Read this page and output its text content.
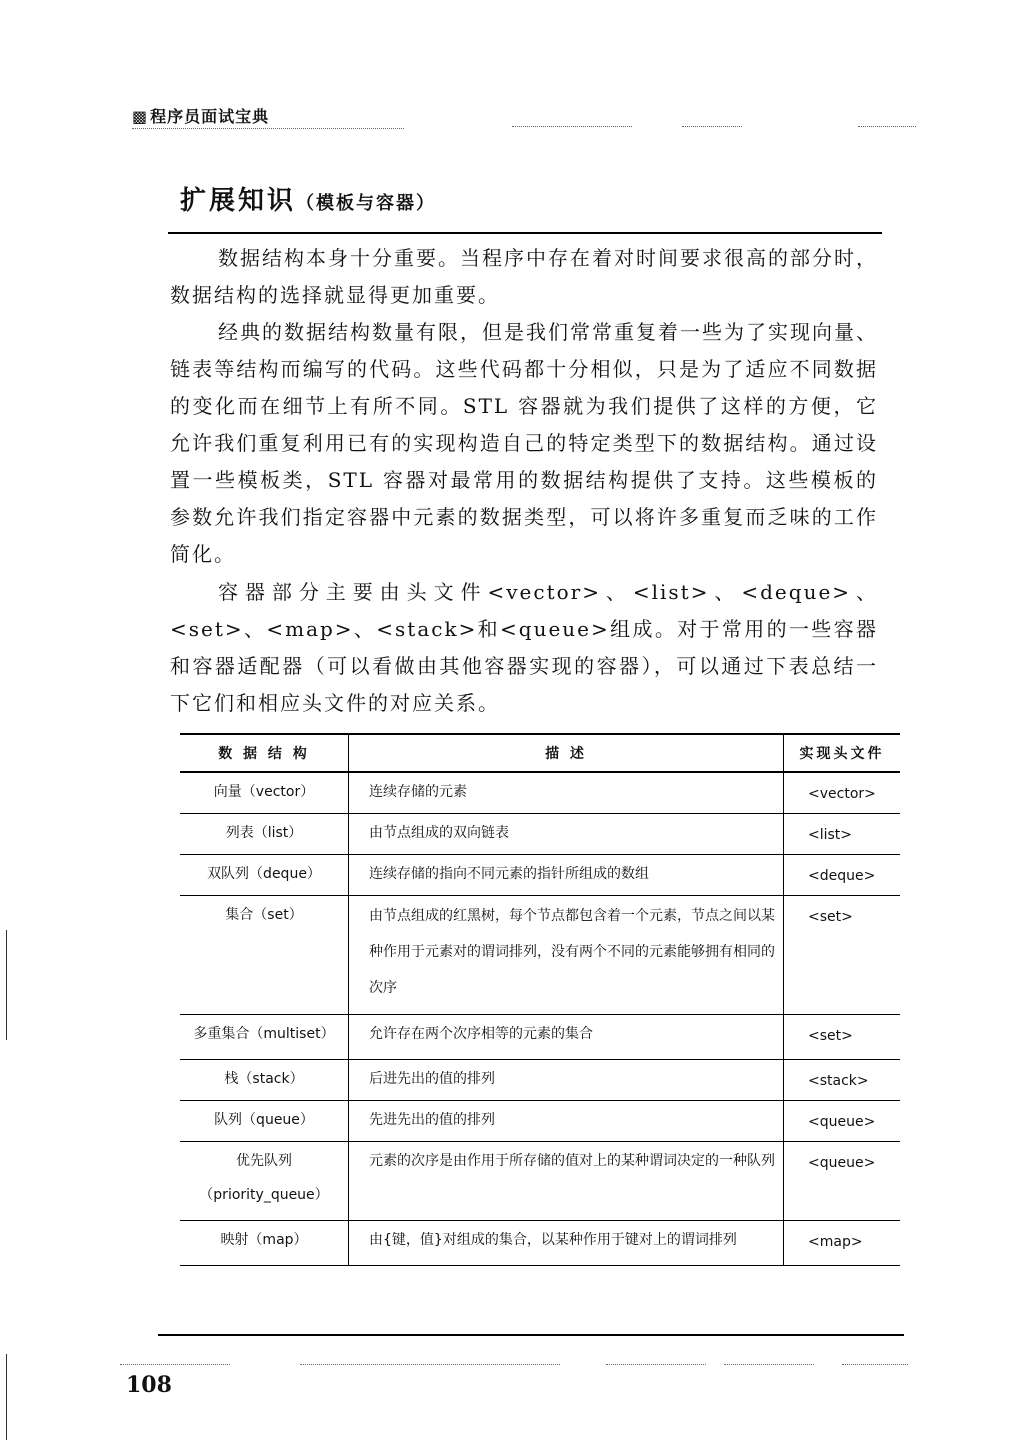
▩ 程序员面试宝典
扩展知识（模板与容器）

数据结构本身十分重要。当程序中存在着对时间要求很高的部分时，数据结构的选择就显得更加重要。

经典的数据结构数量有限，但是我们常常重复着一些为了实现向量、链表等结构而编写的代码。这些代码都十分相似，只是为了适应不同数据的变化而在细节上有所不同。STL 容器就为我们提供了这样的方便，它允许我们重复利用已有的实现构造自己的特定类型下的数据结构。通过设置一些模板类，STL 容器对最常用的数据结构提供了支持。这些模板的参数允许我们指定容器中元素的数据类型，可以将许多重复而乏味的工作简化。

容器部分主要由头文件<vector>、<list>、<deque>、<set>、<map>、<stack>和<queue>组成。对于常用的一些容器和容器适配器（可以看做由其他容器实现的容器），可以通过下表总结一下它们和相应头文件的对应关系。

数 据 结 构	描 述	实现头文件
向量（vector）	连续存储的元素	<vector>
列表（list）	由节点组成的双向链表	<list>
双队列（deque）	连续存储的指向不同元素的指针所组成的数组	<deque>
集合（set）	由节点组成的红黑树，每个节点都包含着一个元素，节点之间以某种作用于元素对的谓词排列，没有两个不同的元素能够拥有相同的次序	<set>
多重集合（multiset）	允许存在两个次序相等的元素的集合	<set>
栈（stack）	后进先出的值的排列	<stack>
队列（queue）	先进先出的值的排列	<queue>
优先队列（priority_queue）	元素的次序是由作用于所存储的值对上的某种谓词决定的一种队列	<queue>
映射（map）	由{键，值}对组成的集合，以某种作用于键对上的谓词排列	<map>
108
